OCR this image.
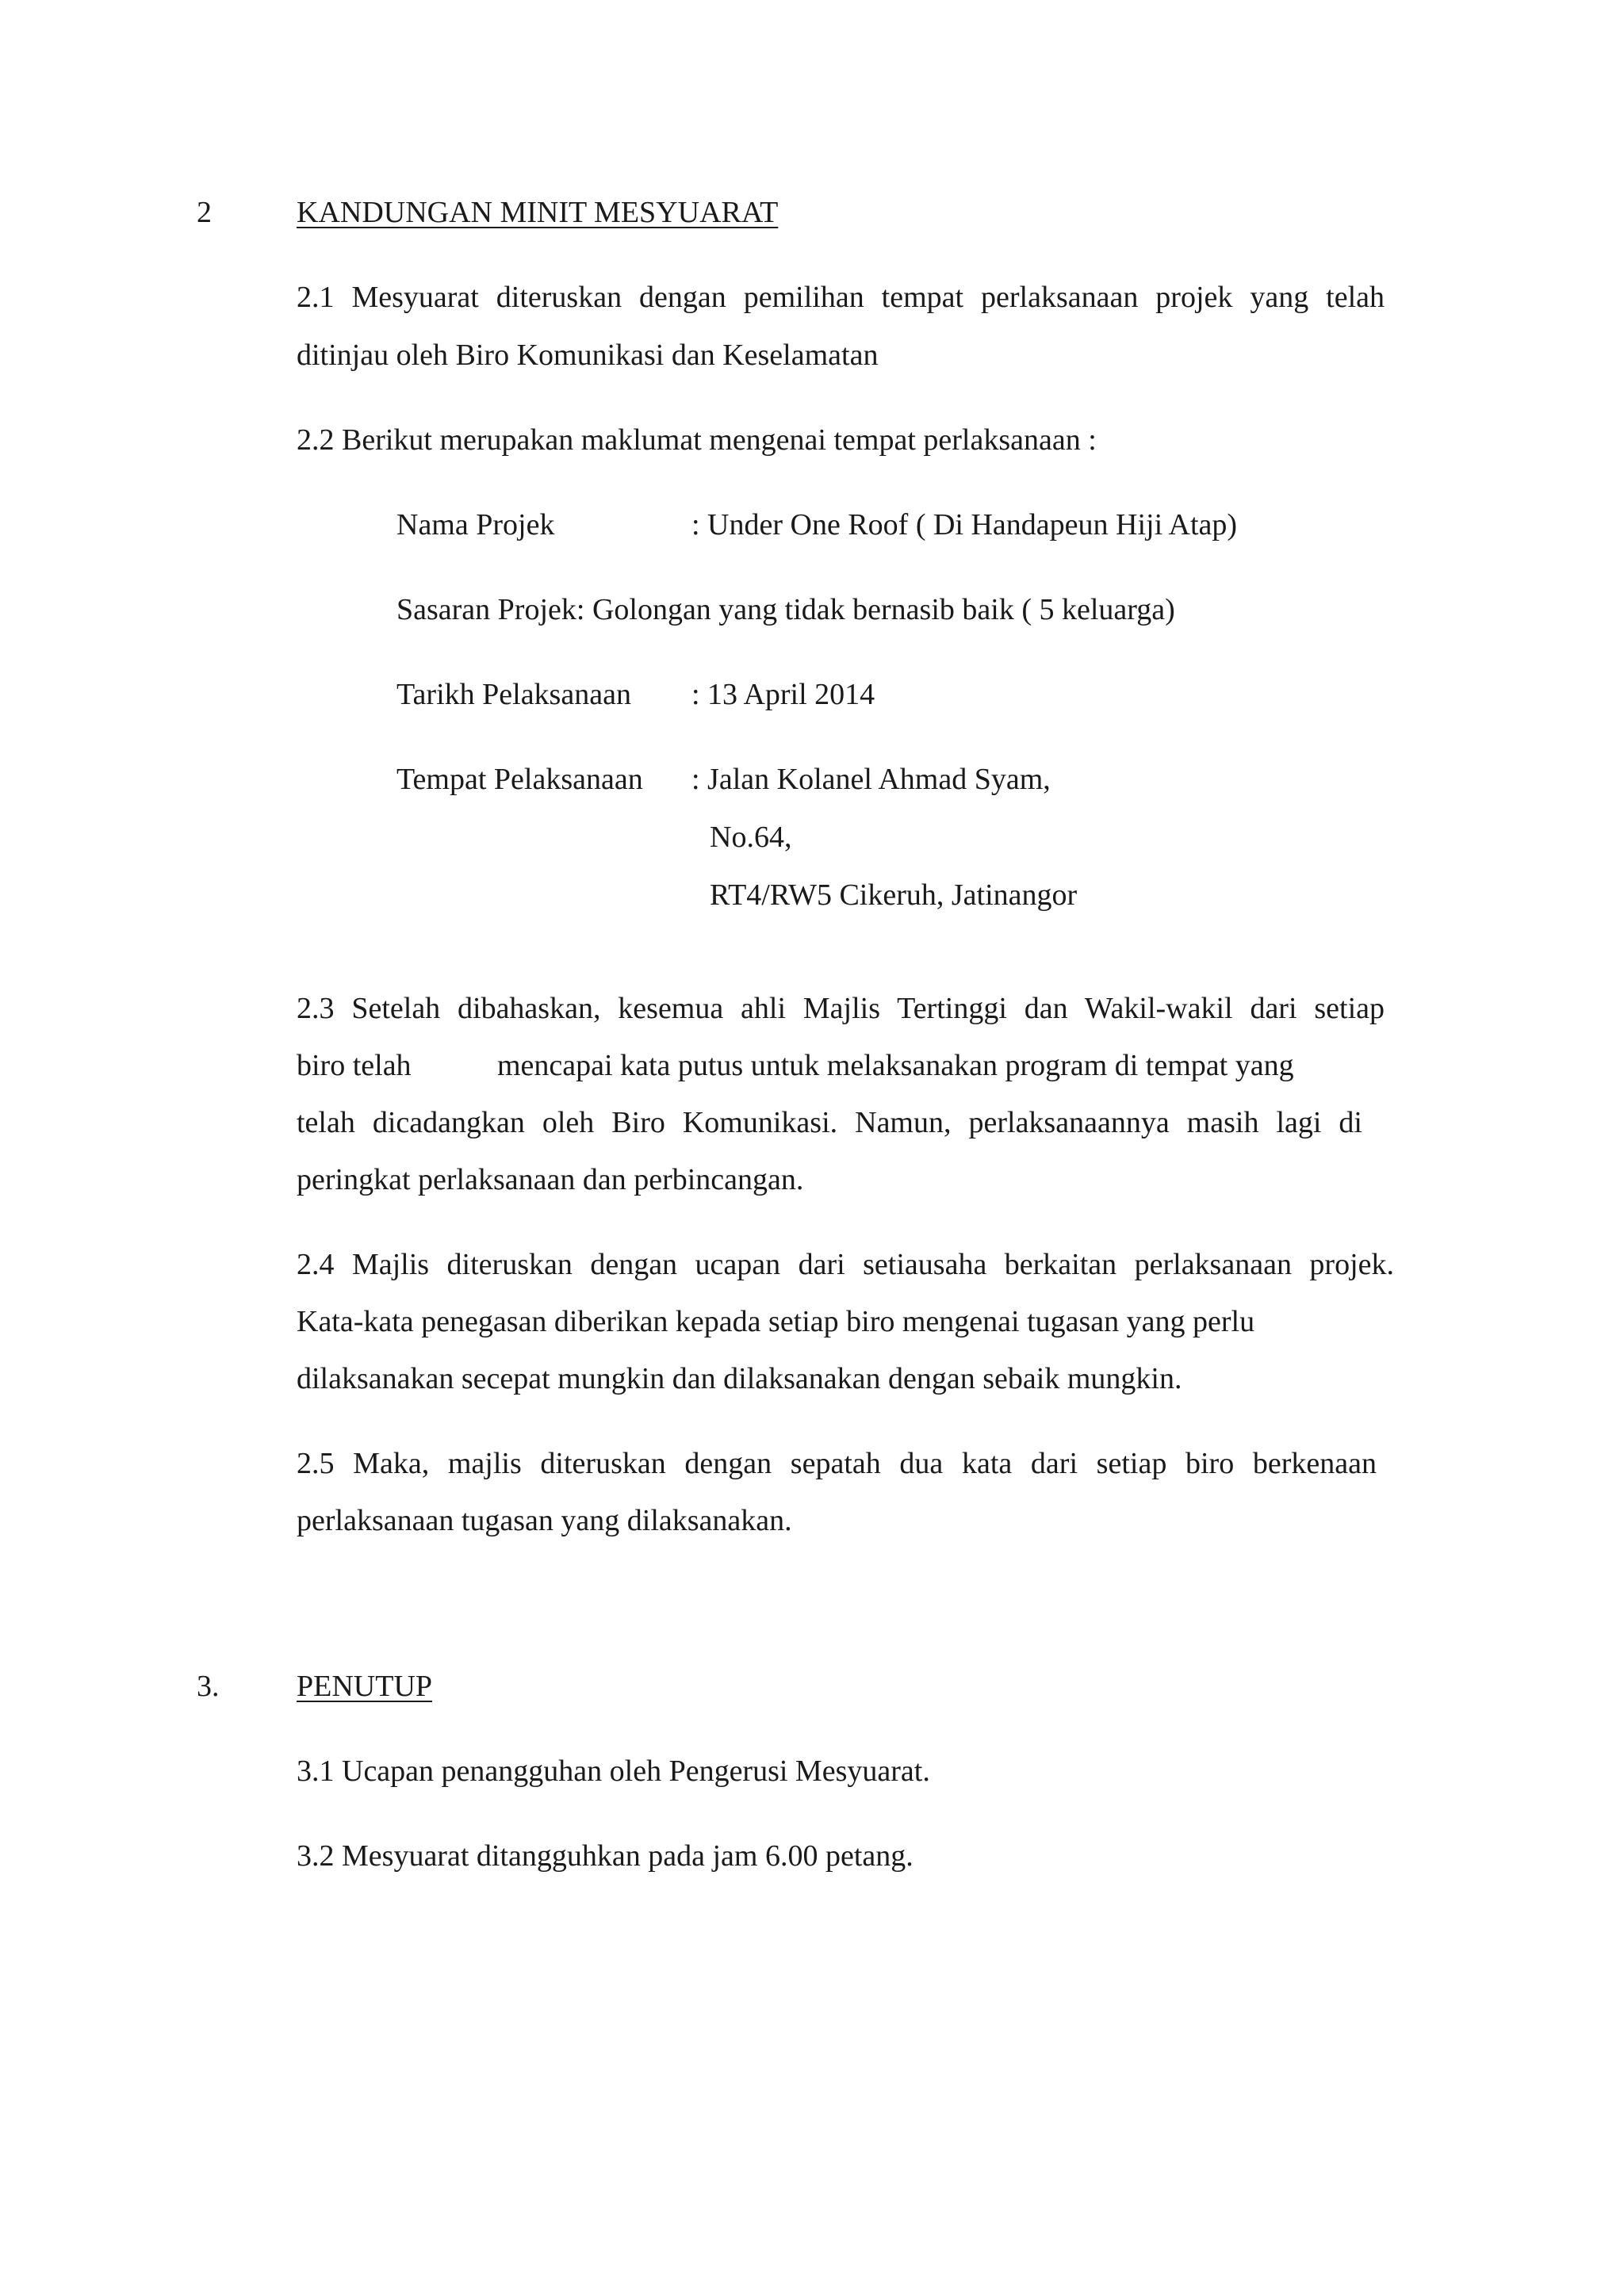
2	KANDUNGAN MINIT MESYUARAT
2.1 Mesyuarat diteruskan dengan pemilihan tempat perlaksanaan projek yang telah
ditinjau oleh Biro Komunikasi dan Keselamatan
2.2 Berikut merupakan maklumat mengenai tempat perlaksanaan :
Nama Projek	: Under One Roof ( Di Handapeun Hiji Atap)
Sasaran Projek: Golongan yang tidak bernasib baik ( 5 keluarga)
Tarikh Pelaksanaan : 13 April 2014
Tempat Pelaksanaan : Jalan Kolanel Ahmad Syam,
No.64,
RT4/RW5 Cikeruh, Jatinangor
2.3 Setelah dibahaskan, kesemua ahli Majlis Tertinggi dan Wakil-wakil dari setiap
biro telah	mencapai kata putus untuk melaksanakan program di tempat yang
telah dicadangkan oleh Biro Komunikasi. Namun, perlaksanaannya masih lagi di
peringkat perlaksanaan dan perbincangan.
2.4 Majlis diteruskan dengan ucapan dari setiausaha berkaitan perlaksanaan projek.
Kata-kata penegasan diberikan kepada setiap biro mengenai tugasan yang perlu
dilaksanakan secepat mungkin dan dilaksanakan dengan sebaik mungkin.
2.5 Maka, majlis diteruskan dengan sepatah dua kata dari setiap biro berkenaan
perlaksanaan tugasan yang dilaksanakan.
3.	PENUTUP
3.1 Ucapan penangguhan oleh Pengerusi Mesyuarat.
3.2 Mesyuarat ditangguhkan pada jam 6.00 petang.
